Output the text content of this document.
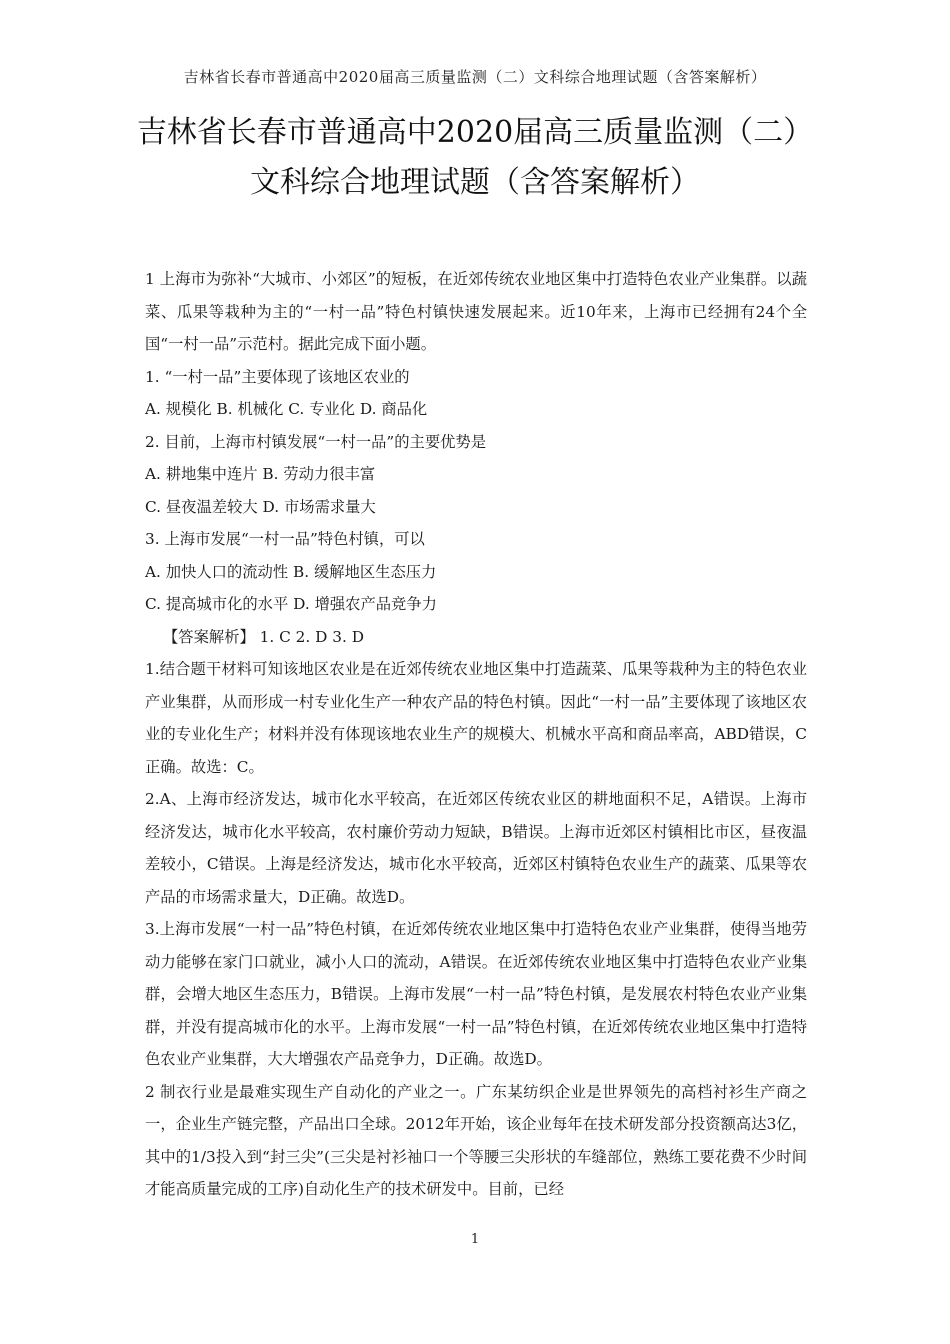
吉林省长春市普通高中2020届高三质量监测（二）文科综合地理试题（含答案解析）
吉林省长春市普通高中2020届高三质量监测（二）
文科综合地理试题（含答案解析）

1 上海市为弥补“大城市、小郊区”的短板，在近郊传统农业地区集中打造特色农业产业集群。以蔬菜、瓜果等栽种为主的“一村一品”特色村镇快速发展起来。近10年来，上海市已经拥有24个全国“一村一品”示范村。据此完成下面小题。

1. “一村一品”主要体现了该地区农业的

A. 规模化 B. 机械化 C. 专业化 D. 商品化

2. 目前，上海市村镇发展“一村一品”的主要优势是

A. 耕地集中连片 B. 劳动力很丰富

C. 昼夜温差较大 D. 市场需求量大

3. 上海市发展“一村一品”特色村镇，可以

A. 加快人口的流动性 B. 缓解地区生态压力

C. 提高城市化的水平 D. 增强农产品竞争力

【答案解析】 1. C 2. D 3. D

1.结合题干材料可知该地区农业是在近郊传统农业地区集中打造蔬菜、瓜果等栽种为主的特色农业产业集群，从而形成一村专业化生产一种农产品的特色村镇。因此“一村一品”主要体现了该地区农业的专业化生产；材料并没有体现该地农业生产的规模大、机械水平高和商品率高，ABD错误，C正确。故选：C。

2.A、上海市经济发达，城市化水平较高，在近郊区传统农业区的耕地面积不足，A错误。上海市经济发达，城市化水平较高，农村廉价劳动力短缺，B错误。上海市近郊区村镇相比市区，昼夜温差较小，C错误。上海是经济发达，城市化水平较高，近郊区村镇特色农业生产的蔬菜、瓜果等农产品的市场需求量大，D正确。故选D。

3.上海市发展“一村一品”特色村镇，在近郊传统农业地区集中打造特色农业产业集群，使得当地劳动力能够在家门口就业，减小人口的流动，A错误。在近郊传统农业地区集中打造特色农业产业集群，会增大地区生态压力，B错误。上海市发展“一村一品”特色村镇，是发展农村特色农业产业集群，并没有提高城市化的水平。上海市发展“一村一品”特色村镇，在近郊传统农业地区集中打造特色农业产业集群，大大增强农产品竞争力，D正确。故选D。

2 制衣行业是最难实现生产自动化的产业之一。广东某纺织企业是世界领先的高档衬衫生产商之一，企业生产链完整，产品出口全球。2012年开始，该企业每年在技术研发部分投资额高达3亿，其中的1/3投入到“封三尖”(三尖是衬衫袖口一个等腰三尖形状的车缝部位，熟练工要花费不少时间才能高质量完成的工序)自动化生产的技术研发中。目前，已经

1
